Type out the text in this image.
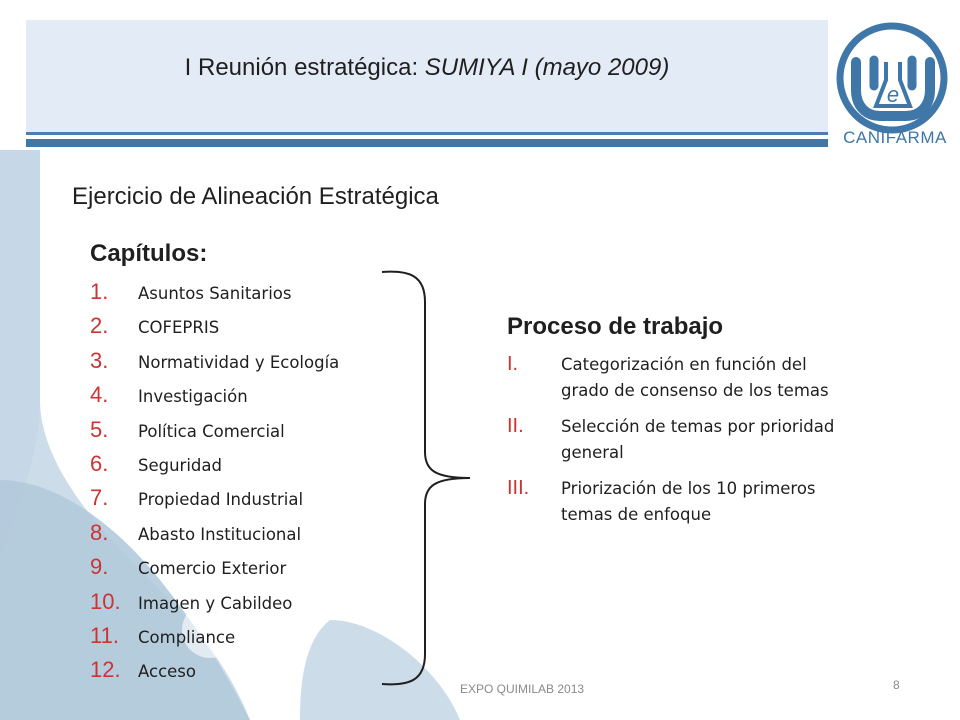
I Reunión estratégica: SUMIYA I (mayo 2009)
e
CANIFARMA
Ejercicio de Alineación Estratégica
Capítulos:
1.	Asuntos Sanitarios
2.	COFEPRIS
3.	Normatividad y Ecología
4.	Investigación
5.	Política Comercial
6.	Seguridad
7.	Propiedad Industrial
8.	Abasto Institucional
9.	Comercio Exterior
10.	Imagen y Cabildeo
11.	Compliance
12.	Acceso
Proceso de trabajo
I.	Categorización en función del grado de consenso de los temas
II.	Selección de temas por prioridad general
III.	Priorización de los 10 primeros temas de enfoque
EXPO QUIMILAB 2013	8
